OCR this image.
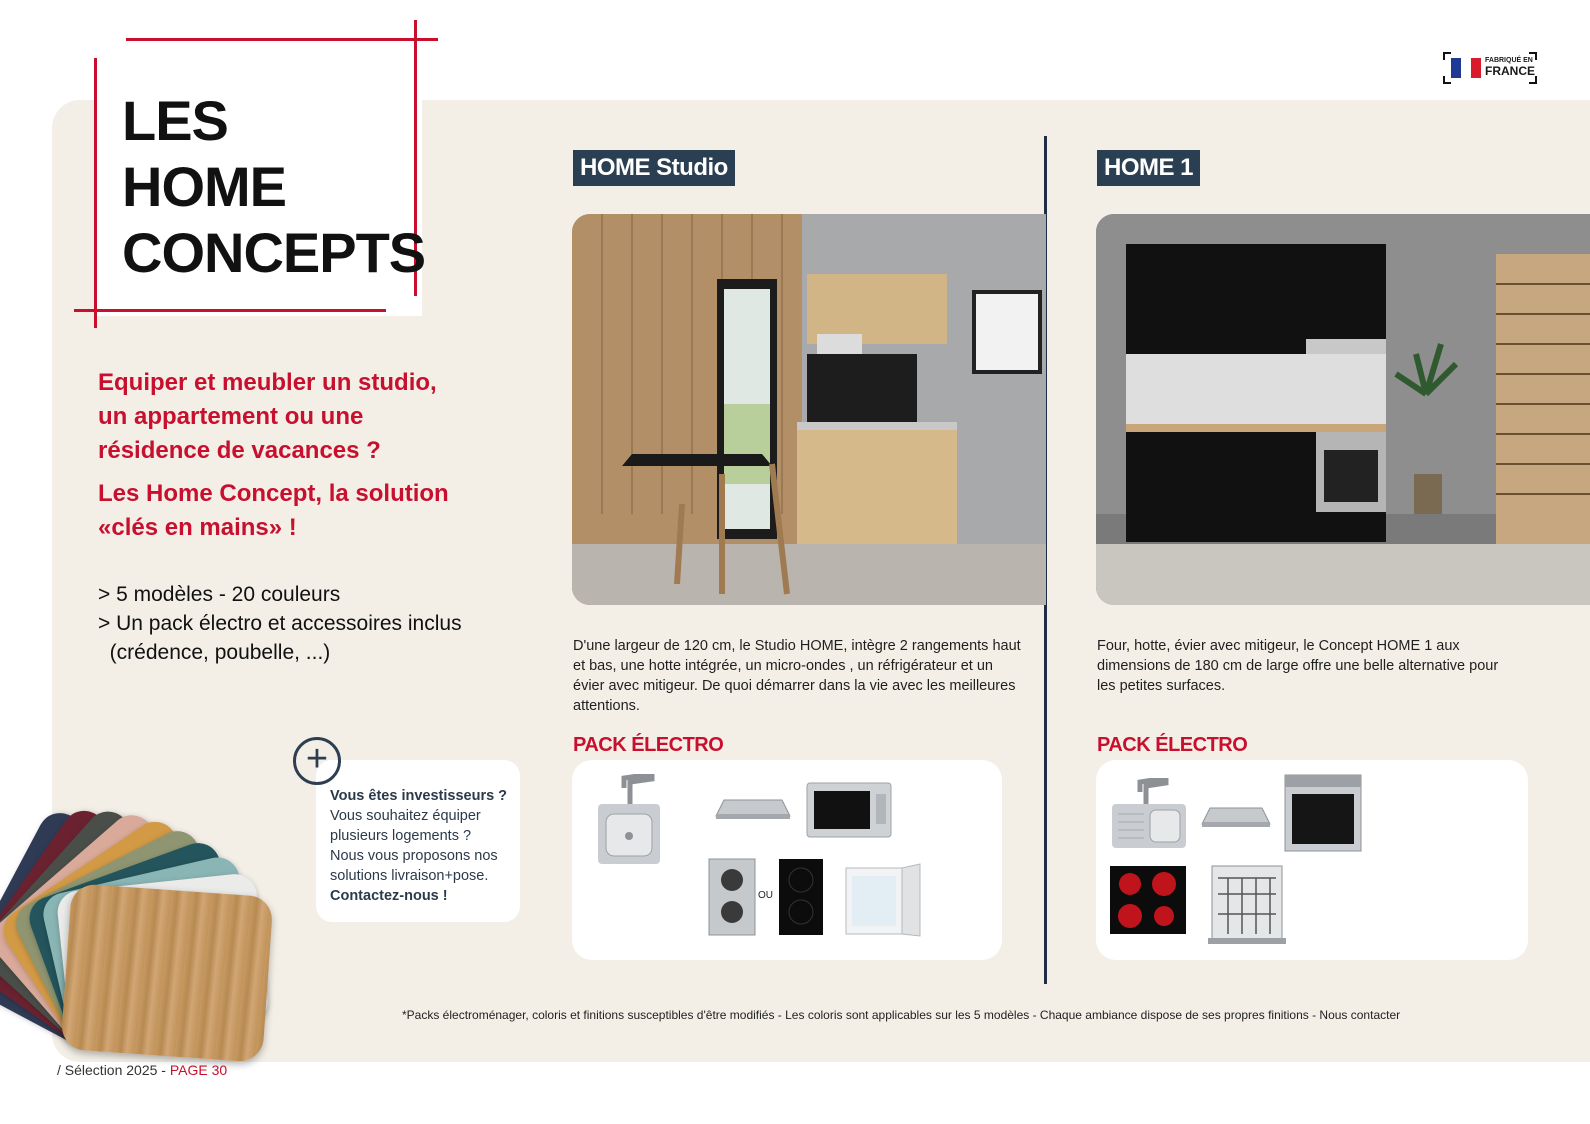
LES
HOME
CONCEPTS
FABRIQUÉ EN
FRANCE
Equiper et meubler un studio,
un appartement ou une
résidence de vacances ?
Les Home Concept, la solution
«clés en mains» !
> 5 modèles - 20 couleurs
> Un pack électro et accessoires inclus
(crédence, poubelle, ...)
+
Vous êtes investisseurs ?
Vous souhaitez équiper
plusieurs logements ?
Nous vous proposons nos
solutions livraison+pose.
Contactez-nous !
HOME Studio
D'une largeur de 120 cm, le Studio HOME, intègre 2 rangements haut
et bas, une hotte intégrée, un micro-ondes , un réfrigérateur et un
évier avec mitigeur. De quoi démarrer dans la vie avec les meilleures
attentions.
PACK ÉLECTRO
OU
HOME 1
Four, hotte, évier avec mitigeur, le Concept HOME 1 aux
dimensions de 180 cm de large offre une belle alternative pour
les petites surfaces.
PACK ÉLECTRO
*Packs électroménager, coloris et finitions susceptibles d'être modifiés - Les coloris sont applicables sur les 5 modèles - Chaque ambiance dispose de ses propres finitions - Nous contacter
/ Sélection 2025 - PAGE 30
